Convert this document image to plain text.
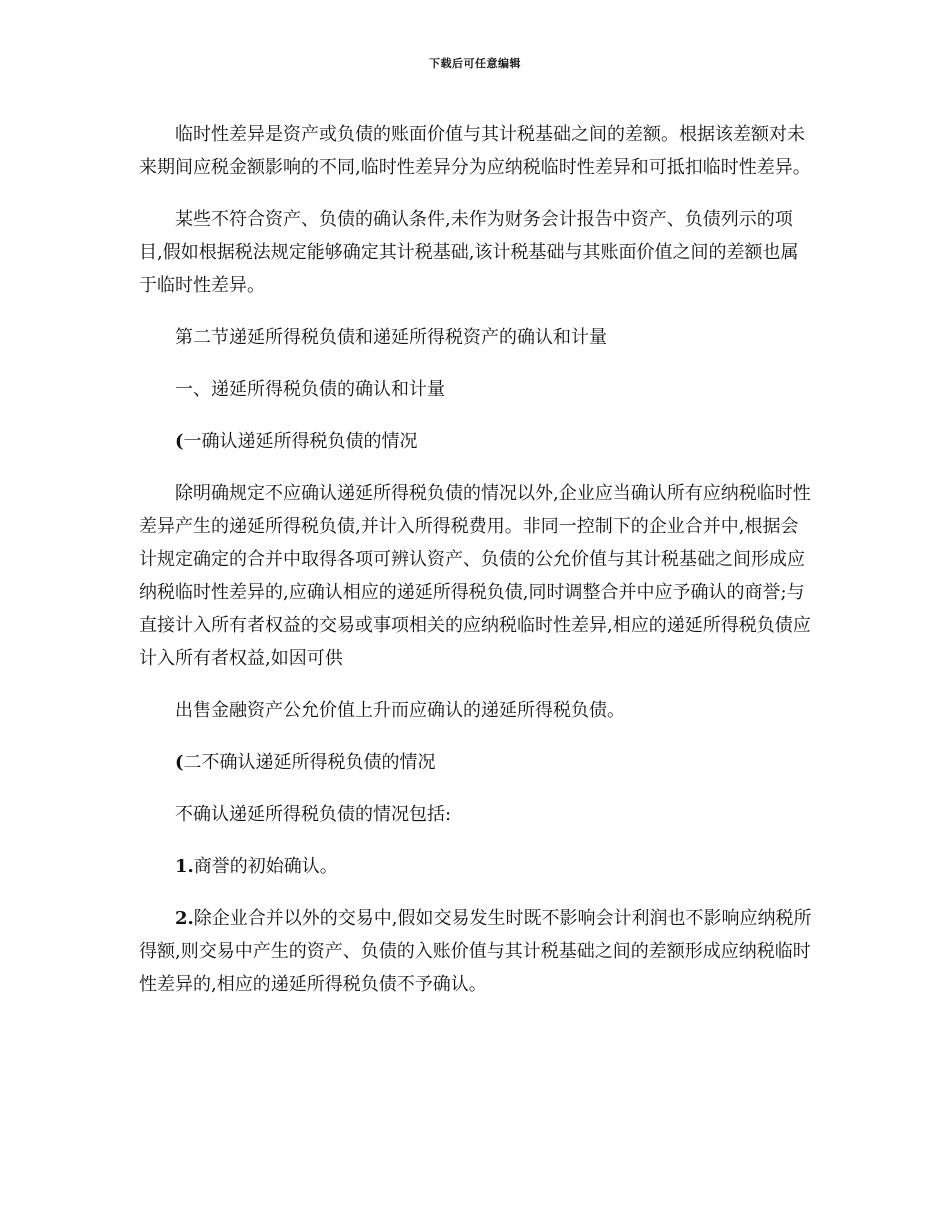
下载后可任意编辑

临时性差异是资产或负债的账面价值与其计税基础之间的差额。根据该差额对未来期间应税金额影响的不同,临时性差异分为应纳税临时性差异和可抵扣临时性差异。

某些不符合资产、负债的确认条件,未作为财务会计报告中资产、负债列示的项目,假如根据税法规定能够确定其计税基础,该计税基础与其账面价值之间的差额也属于临时性差异。

第二节递延所得税负债和递延所得税资产的确认和计量

一、递延所得税负债的确认和计量

(一确认递延所得税负债的情况

除明确规定不应确认递延所得税负债的情况以外,企业应当确认所有应纳税临时性差异产生的递延所得税负债,并计入所得税费用。非同一控制下的企业合并中,根据会计规定确定的合并中取得各项可辨认资产、负债的公允价值与其计税基础之间形成应纳税临时性差异的,应确认相应的递延所得税负债,同时调整合并中应予确认的商誉;与直接计入所有者权益的交易或事项相关的应纳税临时性差异,相应的递延所得税负债应计入所有者权益,如因可供

出售金融资产公允价值上升而应确认的递延所得税负债。

(二不确认递延所得税负债的情况

不确认递延所得税负债的情况包括:

1.商誉的初始确认。

2.除企业合并以外的交易中,假如交易发生时既不影响会计利润也不影响应纳税所得额,则交易中产生的资产、负债的入账价值与其计税基础之间的差额形成应纳税临时性差异的,相应的递延所得税负债不予确认。
